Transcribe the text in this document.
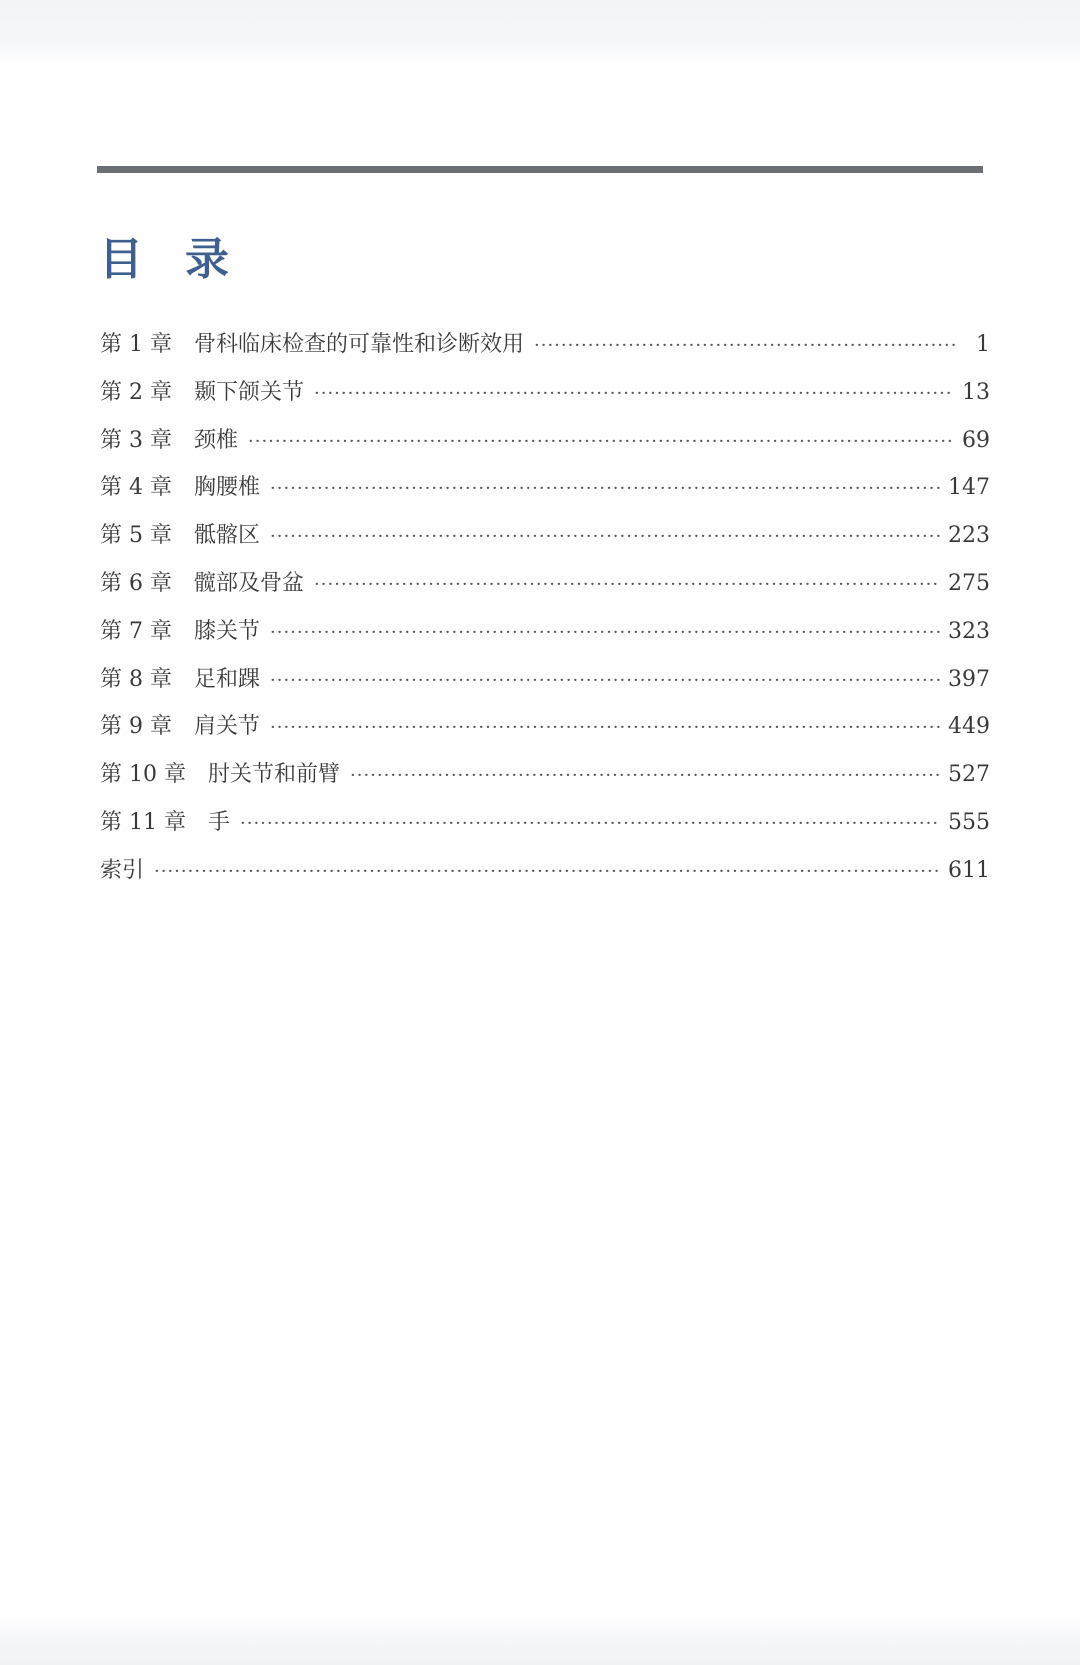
目 录
第 1 章 骨科临床检查的可靠性和诊断效用 ·····	1
第 2 章 颞下颌关节 ·····	13
第 3 章 颈椎 ·····	69
第 4 章 胸腰椎 ·····	147
第 5 章 骶髂区 ·····	223
第 6 章 髋部及骨盆 ·····	275
第 7 章 膝关节 ·····	323
第 8 章 足和踝 ·····	397
第 9 章 肩关节 ·····	449
第 10 章 肘关节和前臂 ·····	527
第 11 章 手 ·····	555
索引 ·····	611
